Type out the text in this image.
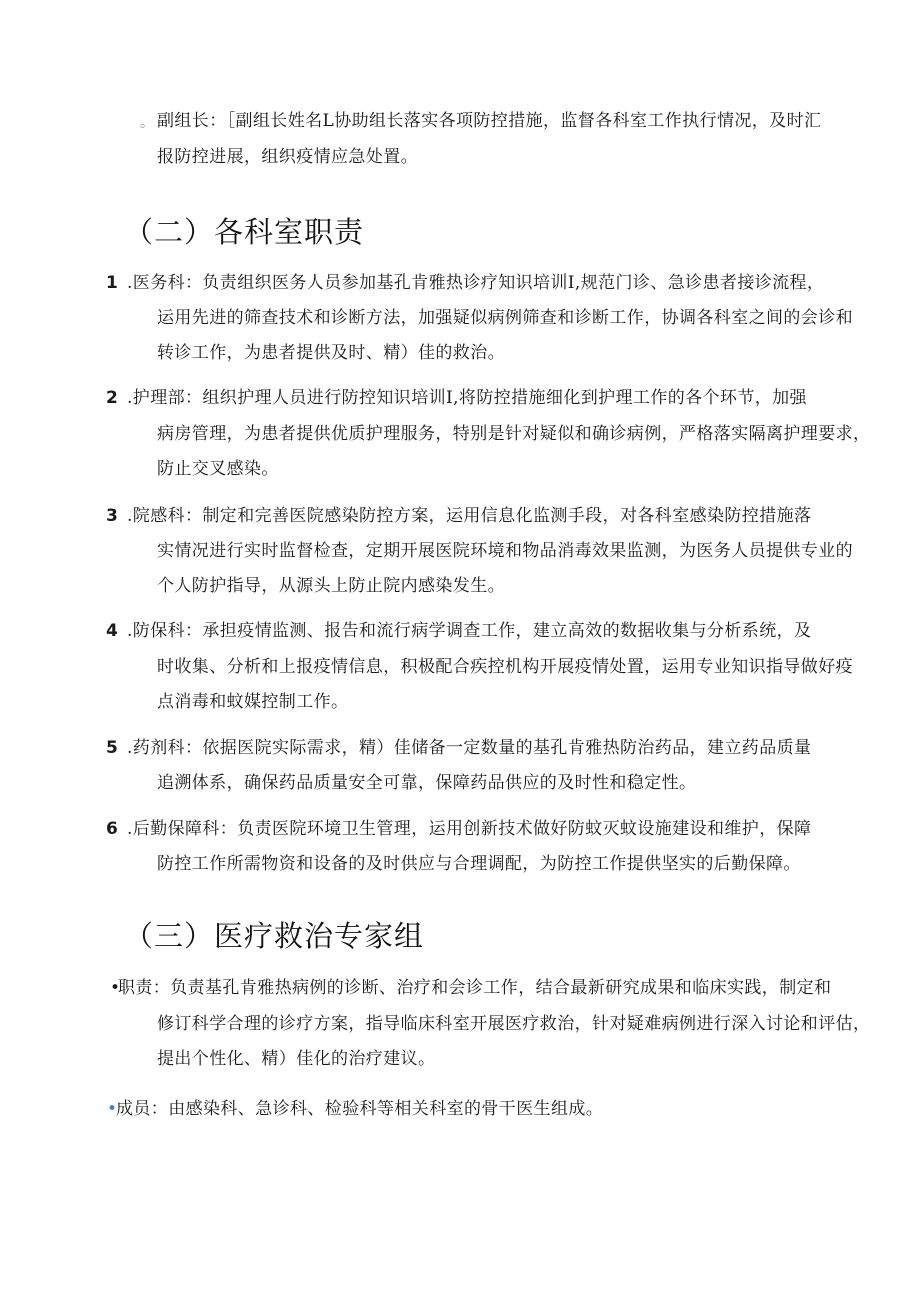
。 副组长：［副组长姓名L协助组长落实各项防控措施，监督各科室工作执行情况，及时汇
报防控进展，组织疫情应急处置。
（二）各科室职责
1 .医务科：负责组织医务人员参加基孔肯雅热诊疗知识培训I,规范门诊、急诊患者接诊流程，
运用先进的筛查技术和诊断方法，加强疑似病例筛查和诊断工作，协调各科室之间的会诊和
转诊工作，为患者提供及时、精）佳的救治。
2 .护理部：组织护理人员进行防控知识培训I,将防控措施细化到护理工作的各个环节，加强
病房管理，为患者提供优质护理服务，特别是针对疑似和确诊病例，严格落实隔离护理要求，
防止交叉感染。
3 .院感科：制定和完善医院感染防控方案，运用信息化监测手段，对各科室感染防控措施落
实情况进行实时监督检查，定期开展医院环境和物品消毒效果监测，为医务人员提供专业的
个人防护指导，从源头上防止院内感染发生。
4 .防保科：承担疫情监测、报告和流行病学调查工作，建立高效的数据收集与分析系统，及
时收集、分析和上报疫情信息，积极配合疾控机构开展疫情处置，运用专业知识指导做好疫
点消毒和蚊媒控制工作。
5 .药剂科：依据医院实际需求，精）佳储备一定数量的基孔肯雅热防治药品，建立药品质量
追溯体系，确保药品质量安全可靠，保障药品供应的及时性和稳定性。
6 .后勤保障科：负责医院环境卫生管理，运用创新技术做好防蚊灭蚊设施建设和维护，保障
防控工作所需物资和设备的及时供应与合理调配，为防控工作提供坚实的后勤保障。
（三）医疗救治专家组
•
职责：负责基孔肯雅热病例的诊断、治疗和会诊工作，结合最新研究成果和临床实践，制定和
修订科学合理的诊疗方案，指导临床科室开展医疗救治，针对疑难病例进行深入讨论和评估，
提出个性化、精）佳化的治疗建议。
•
成员：由感染科、急诊科、检验科等相关科室的骨干医生组成。
